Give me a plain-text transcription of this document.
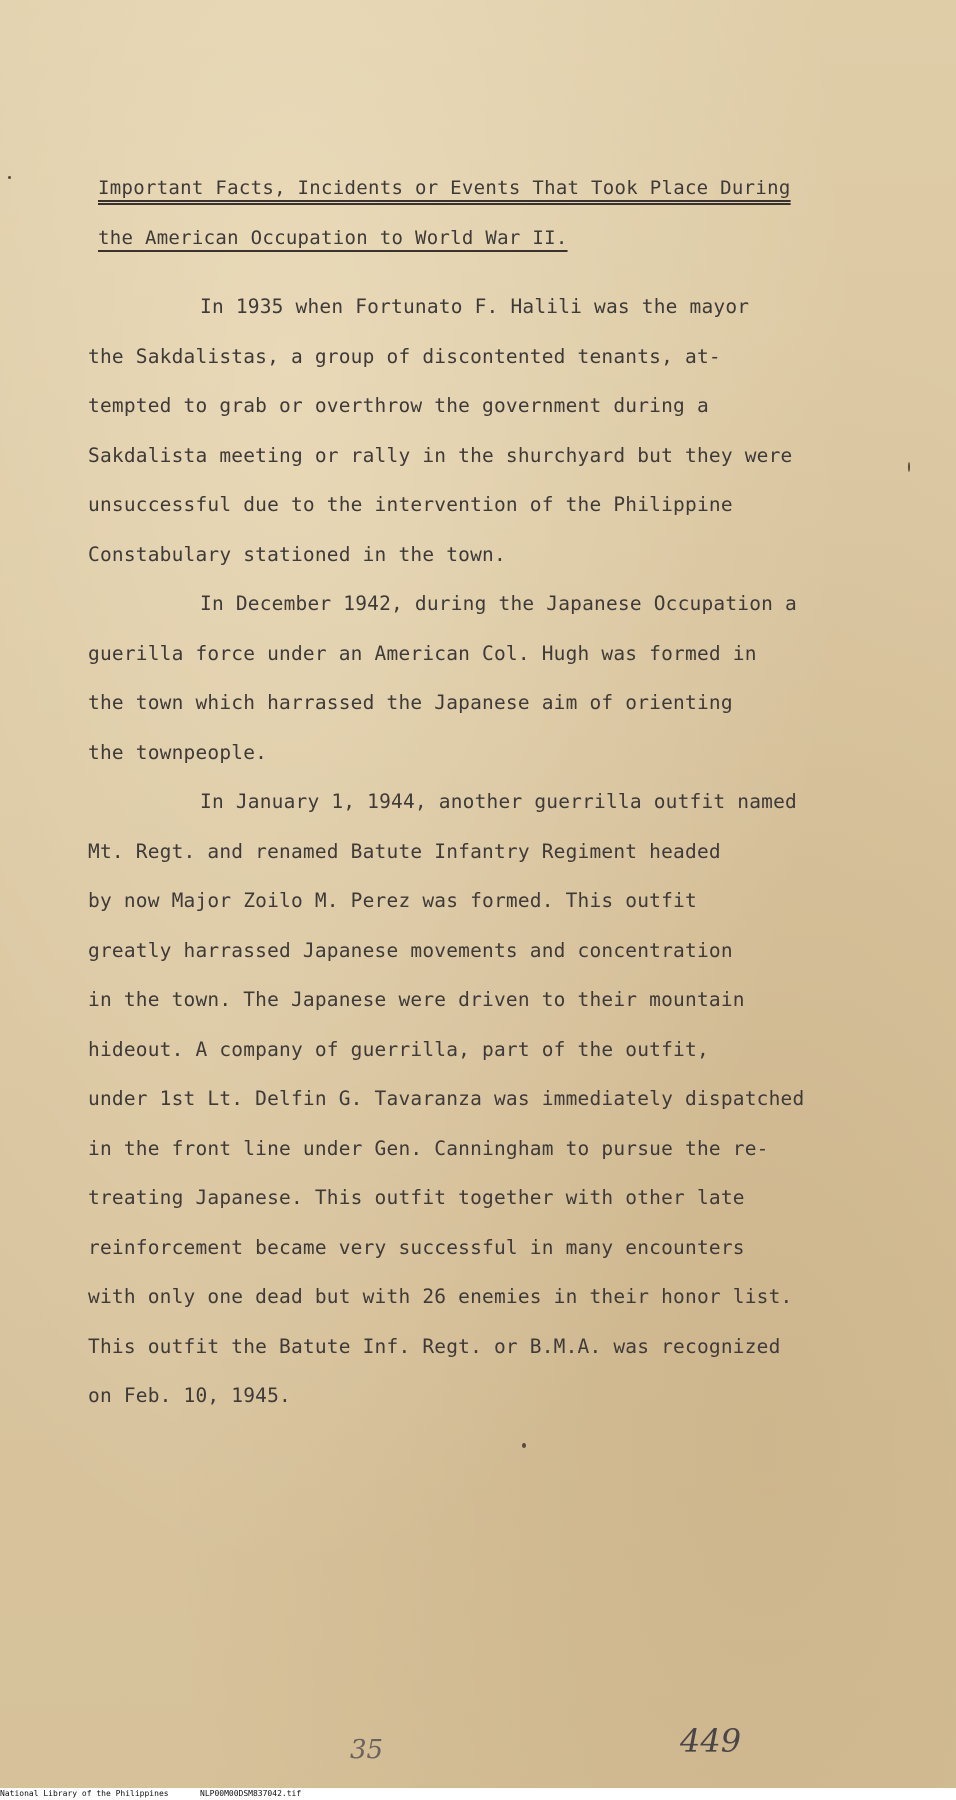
Important Facts, Incidents or Events That Took Place During
the American Occupation to World War II.
In 1935 when Fortunato F. Halili was the mayor
the Sakdalistas, a group of discontented tenants, at-
tempted to grab or overthrow the government during a
Sakdalista meeting or rally in the shurchyard but they were
unsuccessful due to the intervention of the Philippine
Constabulary stationed in the town.
In December 1942, during the Japanese Occupation a
guerilla force under an American Col. Hugh was formed in
the town which harrassed the Japanese aim of orienting
the townpeople.
In January 1, 1944, another guerrilla outfit named
Mt. Regt. and renamed Batute Infantry Regiment headed
by now Major Zoilo M. Perez was formed. This outfit
greatly harrassed Japanese movements and concentration
in the town. The Japanese were driven to their mountain
hideout. A company of guerrilla, part of the outfit,
under 1st Lt. Delfin G. Tavaranza was immediately dispatched
in the front line under Gen. Canningham to pursue the re-
treating Japanese. This outfit together with other late
reinforcement became very successful in many encounters
with only one dead but with 26 enemies in their honor list.
This outfit the Batute Inf. Regt. or B.M.A. was recognized
on Feb. 10, 1945.
35	449
National Library of the Philippines	NLP00M00DSM837042.tif
